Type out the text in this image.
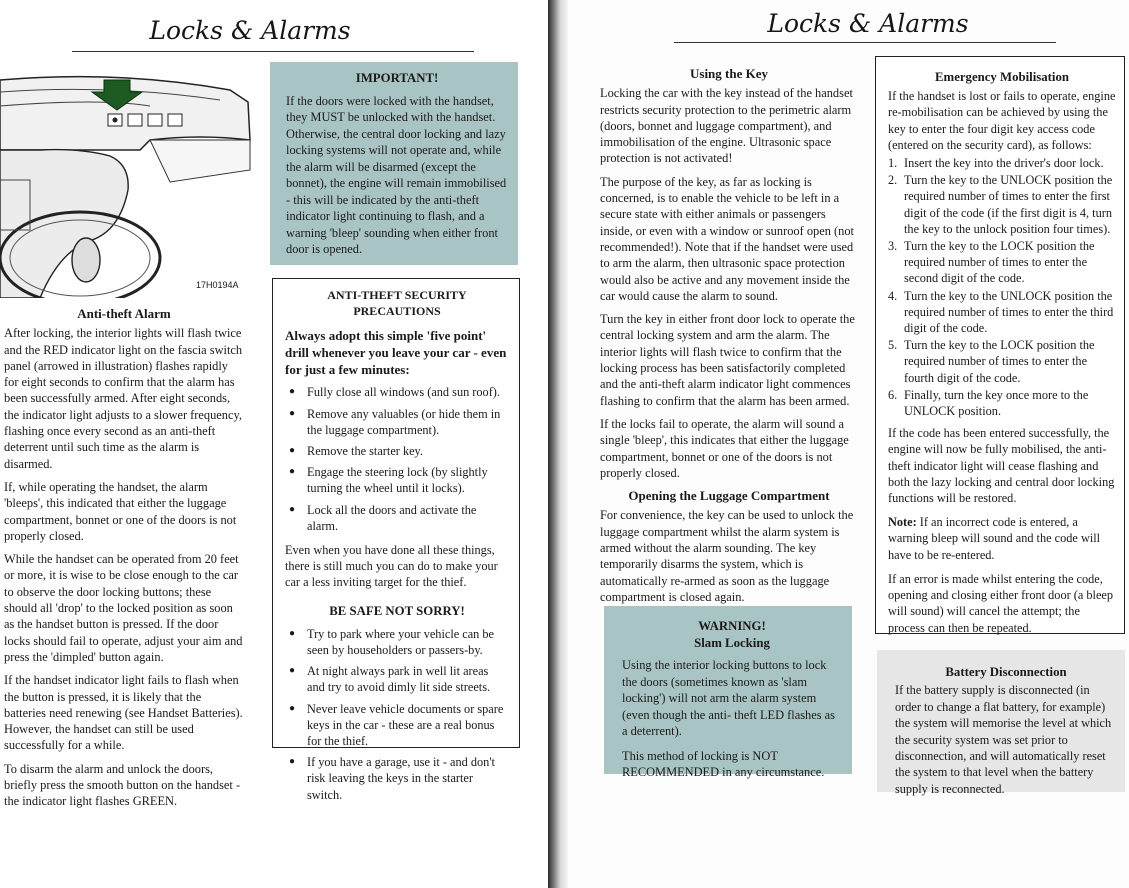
Locks & Alarms
17H0194A
IMPORTANT!
If the doors were locked with the handset, they MUST be unlocked with the handset. Otherwise, the central door locking and lazy locking systems will not operate and, while the alarm will be disarmed (except the bonnet), the engine will remain immobilised - this will be indicated by the anti-theft indicator light continuing to flash, and a warning 'bleep' sounding when either front door is opened.
Anti-theft Alarm

After locking, the interior lights will flash twice and the RED indicator light on the fascia switch panel (arrowed in illustration) flashes rapidly for eight seconds to confirm that the alarm has been successfully armed. After eight seconds, the indicator light adjusts to a slower frequency, flashing once every second as an anti-theft deterrent until such time as the alarm is disarmed.

If, while operating the handset, the alarm 'bleeps', this indicated that either the luggage compartment, bonnet or one of the doors is not properly closed.

While the handset can be operated from 20 feet or more, it is wise to be close enough to the car to observe the door locking buttons; these should all 'drop' to the locked position as soon as the handset button is pressed. If the door locks should fail to operate, adjust your aim and press the 'dimpled' button again.

If the handset indicator light fails to flash when the button is pressed, it is likely that the batteries need renewing (see Handset Batteries). However, the handset can still be used successfully for a while.

To disarm the alarm and unlock the doors, briefly press the smooth button on the handset - the indicator light flashes GREEN.

ANTI-THEFT SECURITY PRECAUTIONS
Always adopt this simple 'five point' drill whenever you leave your car - even for just a few minutes:
● Fully close all windows (and sun roof).
● Remove any valuables (or hide them in the luggage compartment).
● Remove the starter key.
● Engage the steering lock (by slightly turning the wheel until it locks).
● Lock all the doors and activate the alarm.
Even when you have done all these things, there is still much you can do to make your car a less inviting target for the thief.
BE SAFE NOT SORRY!
● Try to park where your vehicle can be seen by householders or passers-by.
● At night always park in well lit areas and try to avoid dimly lit side streets.
● Never leave vehicle documents or spare keys in the car - these are a real bonus for the thief.
● If you have a garage, use it - and don't risk leaving the keys in the starter switch.
Locks & Alarms
Using the Key

Locking the car with the key instead of the handset restricts security protection to the perimetric alarm (doors, bonnet and luggage compartment), and immobilisation of the engine. Ultrasonic space protection is not activated!

The purpose of the key, as far as locking is concerned, is to enable the vehicle to be left in a secure state with either animals or passengers inside, or even with a window or sunroof open (not recommended!). Note that if the handset were used to arm the alarm, then ultrasonic space protection would also be active and any movement inside the car would cause the alarm to sound.

Turn the key in either front door lock to operate the central locking system and arm the alarm. The interior lights will flash twice to confirm that the locking process has been satisfactorily completed and the anti-theft alarm indicator light commences flashing to confirm that the alarm has been armed.

If the locks fail to operate, the alarm will sound a single 'bleep', this indicates that either the luggage compartment, bonnet or one of the doors is not properly closed.

Opening the Luggage Compartment

For convenience, the key can be used to unlock the luggage compartment whilst the alarm system is armed without the alarm sounding. The key temporarily disarms the system, which is automatically re-armed as soon as the luggage compartment is closed again.

WARNING!
Slam Locking
Using the interior locking buttons to lock the doors (sometimes known as 'slam locking') will not arm the alarm system (even though the anti- theft LED flashes as a deterrent).
This method of locking is NOT RECOMMENDED in any circumstance.
Emergency Mobilisation
If the handset is lost or fails to operate, engine re-mobilisation can be achieved by using the key to enter the four digit key access code (entered on the security card), as follows:
1. Insert the key into the driver's door lock.
2. Turn the key to the UNLOCK position the required number of times to enter the first digit of the code (if the first digit is 4, turn the key to the unlock position four times).
3. Turn the key to the LOCK position the required number of times to enter the second digit of the code.
4. Turn the key to the UNLOCK position the required number of times to enter the third digit of the code.
5. Turn the key to the LOCK position the required number of times to enter the fourth digit of the code.
6. Finally, turn the key once more to the UNLOCK position.
If the code has been entered successfully, the engine will now be fully mobilised, the anti-theft indicator light will cease flashing and both the lazy locking and central door locking functions will be restored.
Note: If an incorrect code is entered, a warning bleep will sound and the code will have to be re-entered.
If an error is made whilst entering the code, opening and closing either front door (a bleep will sound) will cancel the attempt; the process can then be repeated.
Battery Disconnection
If the battery supply is disconnected (in order to change a flat battery, for example) the system will memorise the level at which the security system was set prior to disconnection, and will automatically reset the system to that level when the battery supply is reconnected.
